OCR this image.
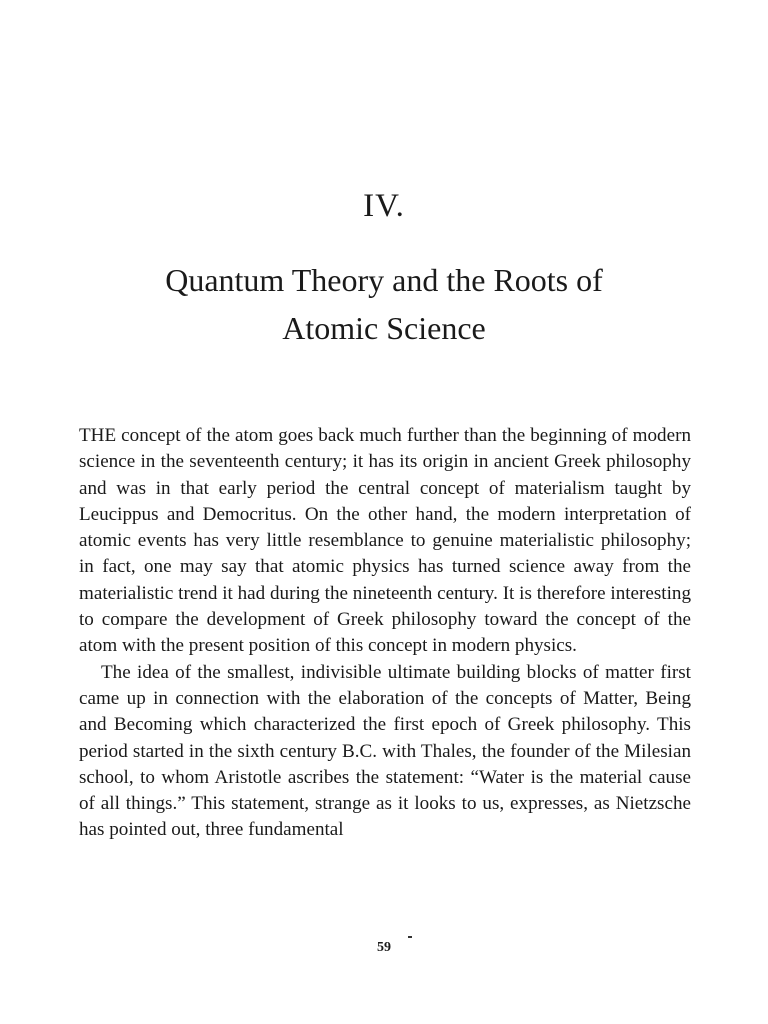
IV.
Quantum Theory and the Roots of
Atomic Science

THE concept of the atom goes back much further than the beginning of modern science in the seventeenth century; it has its origin in ancient Greek philosophy and was in that early period the central concept of materialism taught by Leucippus and Democritus. On the other hand, the modern interpretation of atomic events has very little resemblance to genuine materialistic philosophy; in fact, one may say that atomic physics has turned science away from the materialistic trend it had during the nineteenth century. It is therefore interesting to compare the development of Greek philosophy toward the concept of the atom with the present position of this concept in modern physics.

The idea of the smallest, indivisible ultimate building blocks of matter first came up in connection with the elaboration of the concepts of Matter, Being and Becoming which characterized the first epoch of Greek philosophy. This period started in the sixth century B.C. with Thales, the founder of the Milesian school, to whom Aristotle ascribes the statement: “Water is the material cause of all things.” This statement, strange as it looks to us, expresses, as Nietzsche has pointed out, three fundamental

59
